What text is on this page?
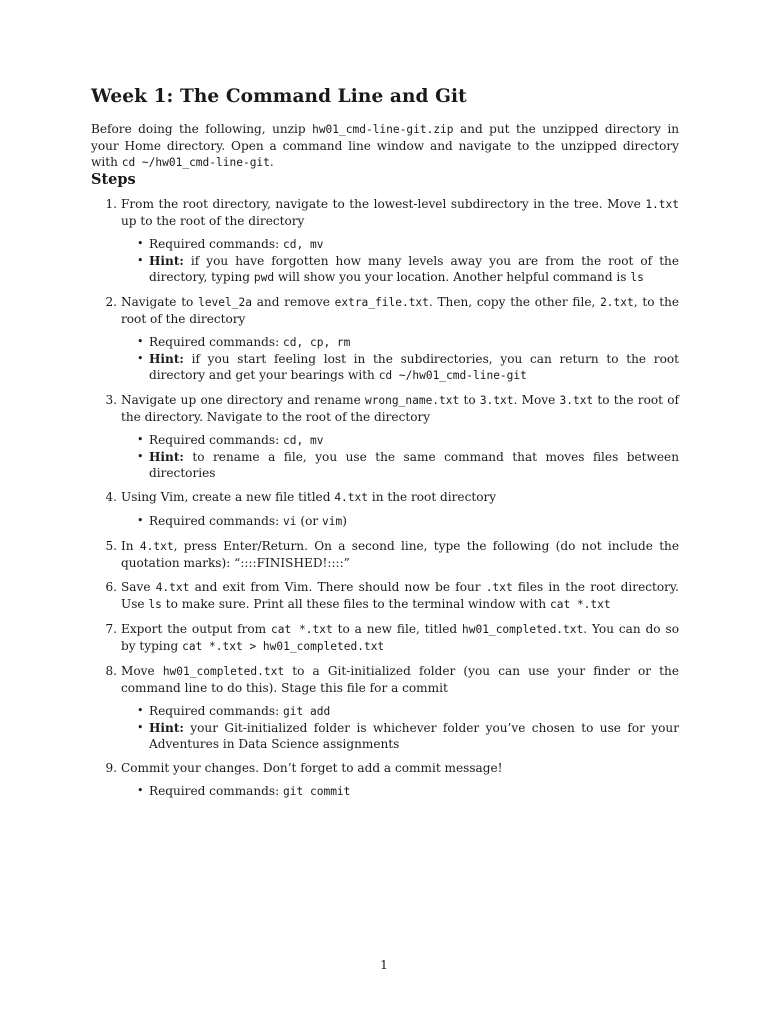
Week 1: The Command Line and Git

Before doing the following, unzip hw01_cmd-line-git.zip and put the unzipped directory in your Home directory. Open a command line window and navigate to the unzipped directory with cd ~/hw01_cmd-line-git.

Steps
1. From the root directory, navigate to the lowest-level subdirectory in the tree. Move 1.txt up to the root of the directory
• Required commands: cd, mv
• Hint: if you have forgotten how many levels away you are from the root of the directory, typing pwd will show you your location. Another helpful command is ls
2. Navigate to level_2a and remove extra_file.txt. Then, copy the other file, 2.txt, to the root of the directory
• Required commands: cd, cp, rm
• Hint: if you start feeling lost in the subdirectories, you can return to the root directory and get your bearings with cd ~/hw01_cmd-line-git
3. Navigate up one directory and rename wrong_name.txt to 3.txt. Move 3.txt to the root of the directory. Navigate to the root of the directory
• Required commands: cd, mv
• Hint: to rename a file, you use the same command that moves files between directories
4. Using Vim, create a new file titled 4.txt in the root directory
• Required commands: vi (or vim)
5. In 4.txt, press Enter/Return. On a second line, type the following (do not include the quotation marks): “::::FINISHED!::::”
6. Save 4.txt and exit from Vim. There should now be four .txt files in the root directory. Use ls to make sure. Print all these files to the terminal window with cat *.txt
7. Export the output from cat *.txt to a new file, titled hw01_completed.txt. You can do so by typing cat *.txt > hw01_completed.txt
8. Move hw01_completed.txt to a Git-initialized folder (you can use your finder or the command line to do this). Stage this file for a commit
• Required commands: git add
• Hint: your Git-initialized folder is whichever folder you’ve chosen to use for your Adventures in Data Science assignments
9. Commit your changes. Don’t forget to add a commit message!
• Required commands: git commit
1
